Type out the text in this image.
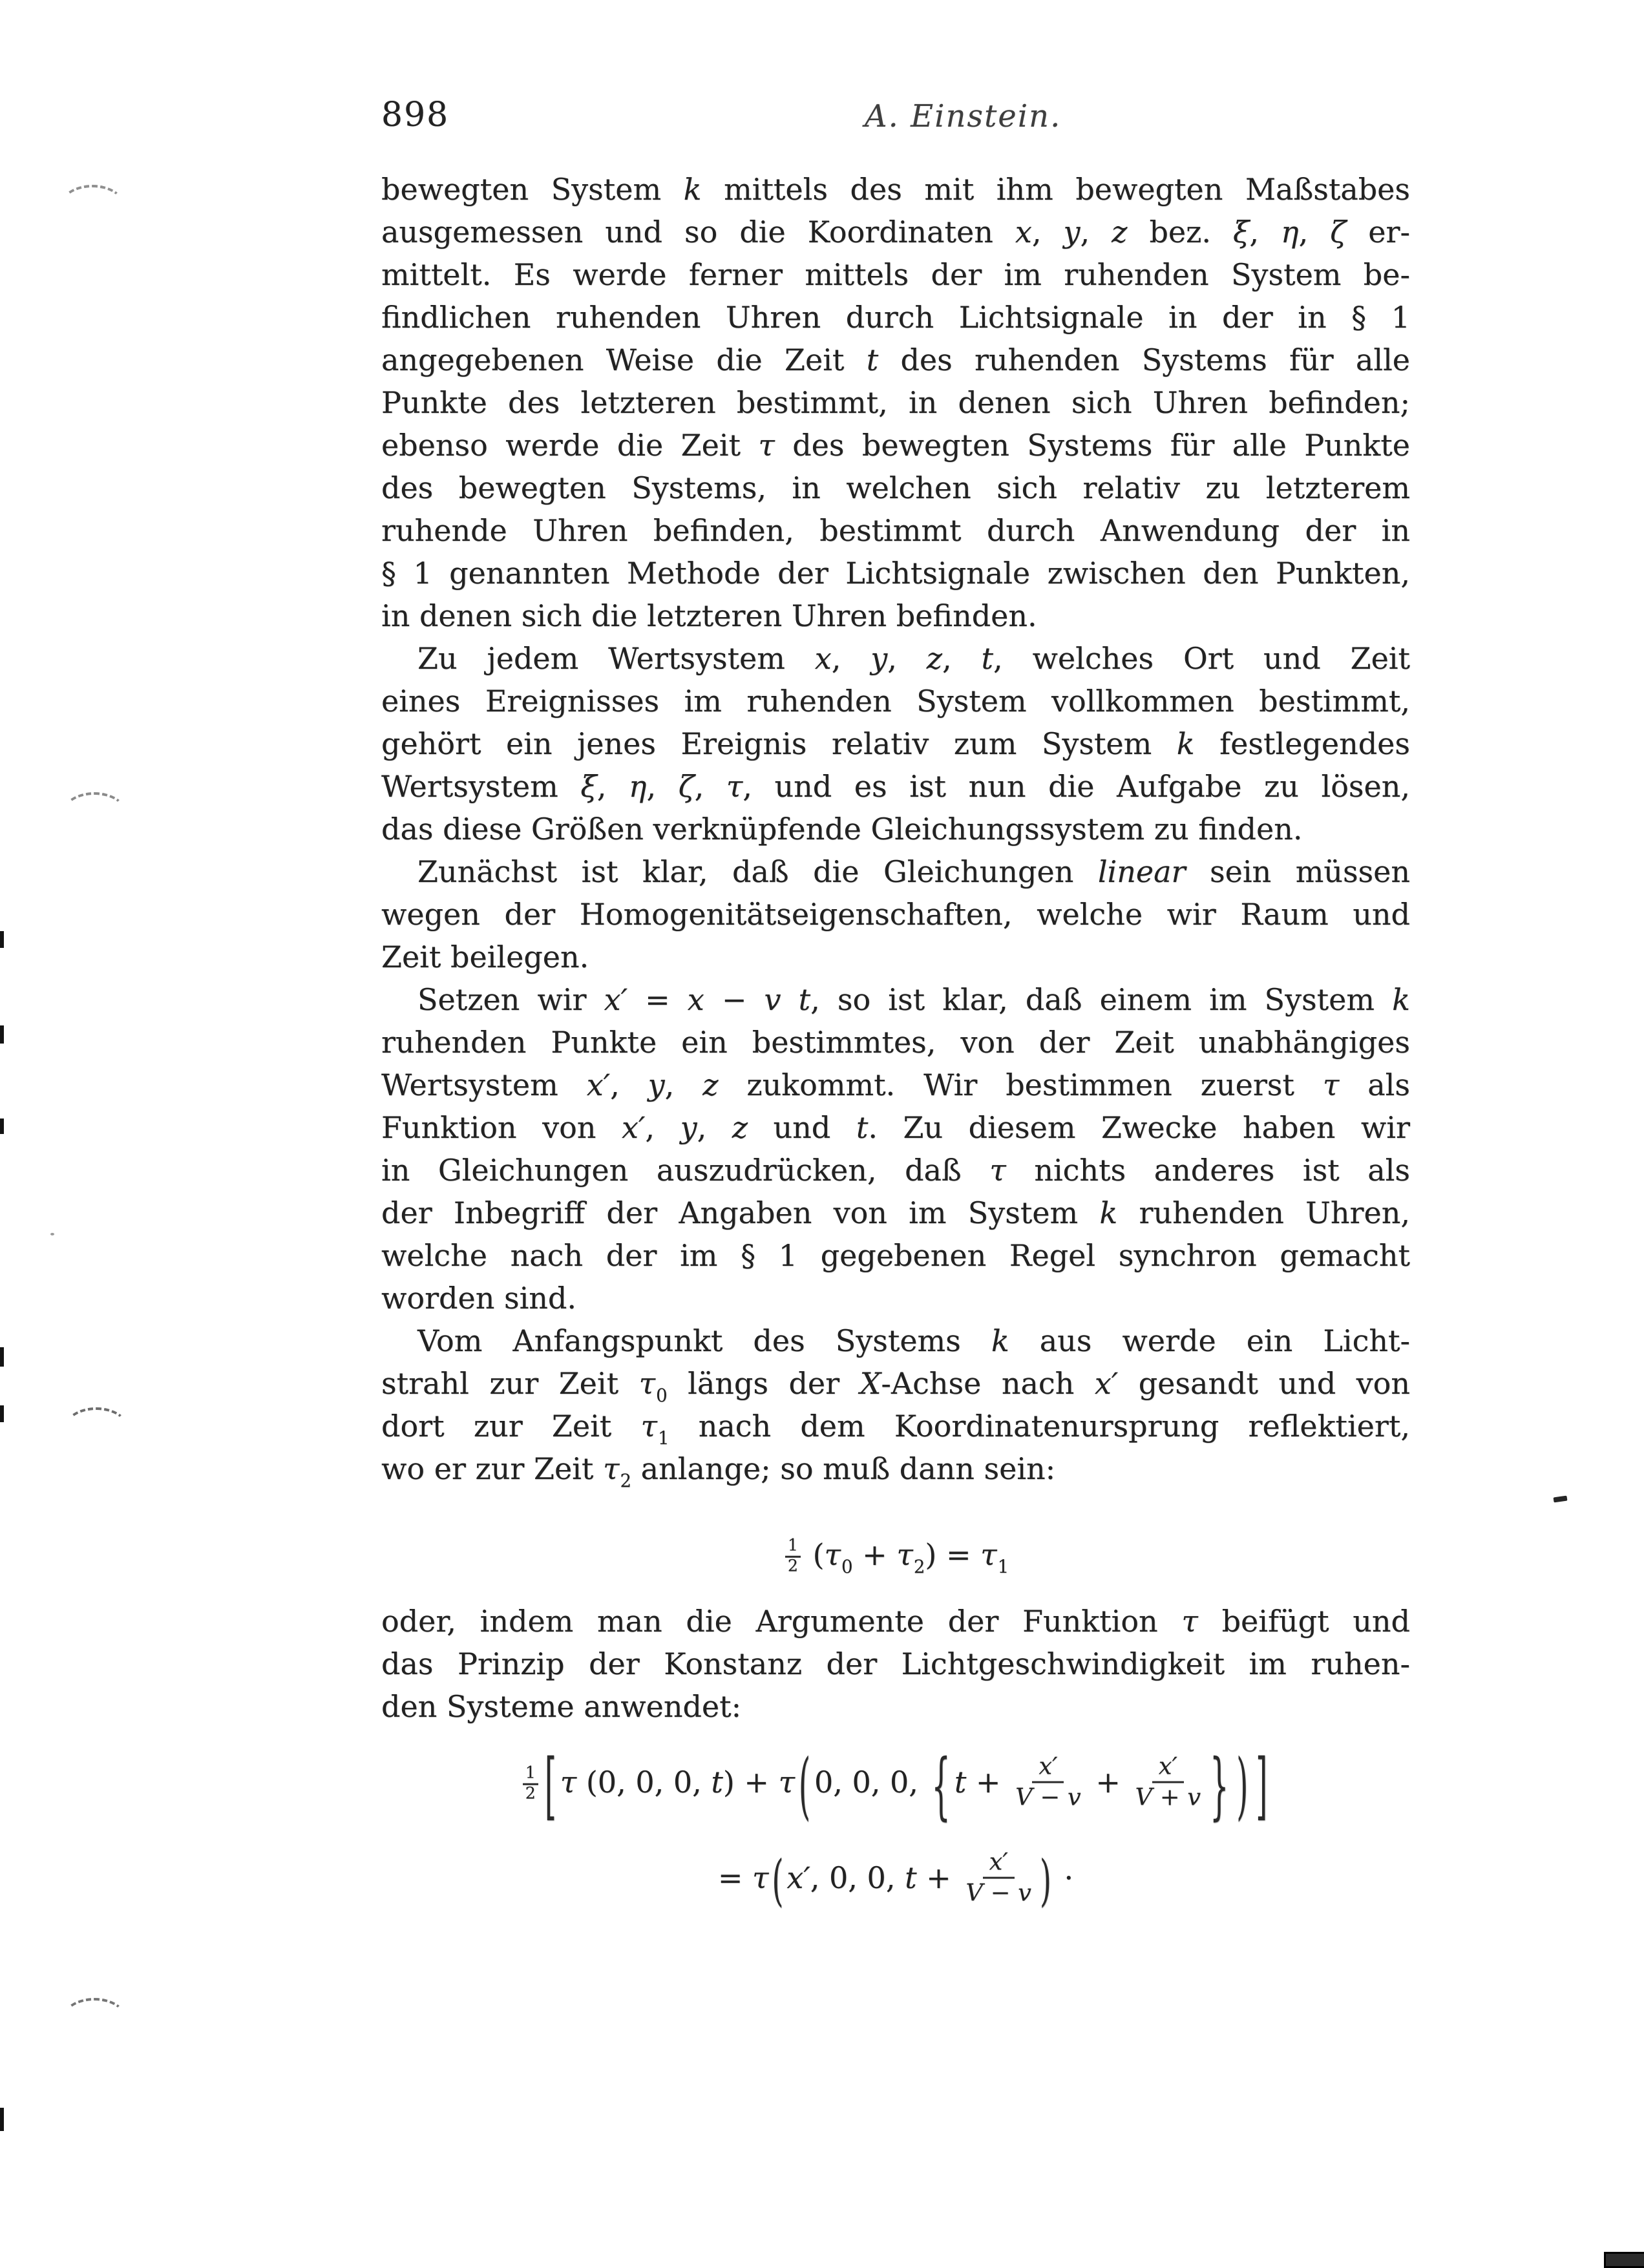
898	A. Einstein.
bewegten System k mittels des mit ihm bewegten Maßstabes
ausgemessen und so die Koordinaten x, y, z bez. ξ, η, ζ er-
mittelt. Es werde ferner mittels der im ruhenden System be-
findlichen ruhenden Uhren durch Lichtsignale in der in § 1
angegebenen Weise die Zeit t des ruhenden Systems für alle
Punkte des letzteren bestimmt, in denen sich Uhren befinden;
ebenso werde die Zeit τ des bewegten Systems für alle Punkte
des bewegten Systems, in welchen sich relativ zu letzterem
ruhende Uhren befinden, bestimmt durch Anwendung der in
§ 1 genannten Methode der Lichtsignale zwischen den Punkten,
in denen sich die letzteren Uhren befinden.
Zu jedem Wertsystem x, y, z, t, welches Ort und Zeit
eines Ereignisses im ruhenden System vollkommen bestimmt,
gehört ein jenes Ereignis relativ zum System k festlegendes
Wertsystem ξ, η, ζ, τ, und es ist nun die Aufgabe zu lösen,
das diese Größen verknüpfende Gleichungssystem zu finden.
Zunächst ist klar, daß die Gleichungen linear sein müssen
wegen der Homogenitätseigenschaften, welche wir Raum und
Zeit beilegen.
Setzen wir x′ = x − v t, so ist klar, daß einem im System k
ruhenden Punkte ein bestimmtes, von der Zeit unabhängiges
Wertsystem x′, y, z zukommt. Wir bestimmen zuerst τ als
Funktion von x′, y, z und t. Zu diesem Zwecke haben wir
in Gleichungen auszudrücken, daß τ nichts anderes ist als
der Inbegriff der Angaben von im System k ruhenden Uhren,
welche nach der im § 1 gegebenen Regel synchron gemacht
worden sind.
Vom Anfangspunkt des Systems k aus werde ein Licht-
strahl zur Zeit $\tau_0$ längs der X-Achse nach x′ gesandt und von
dort zur Zeit $\tau_1$ nach dem Koordinatenursprung reflektiert,
wo er zur Zeit $\tau_2$ anlange; so muß dann sein:
$\frac{1}{2} (\tau_0 + \tau_2) = \tau_1$
oder, indem man die Argumente der Funktion τ beifügt und
das Prinzip der Konstanz der Lichtgeschwindigkeit im ruhen-
den Systeme anwendet:
$\frac{1}{2}$ [ τ (0, 0, 0, t) + τ ( 0, 0, 0, { $t + \frac{x'}{V - v} + \frac{x'}{V + v}$ } ) ]
= τ ( x′, 0, 0, $t + \frac{x'}{V - v}$ ) ·
